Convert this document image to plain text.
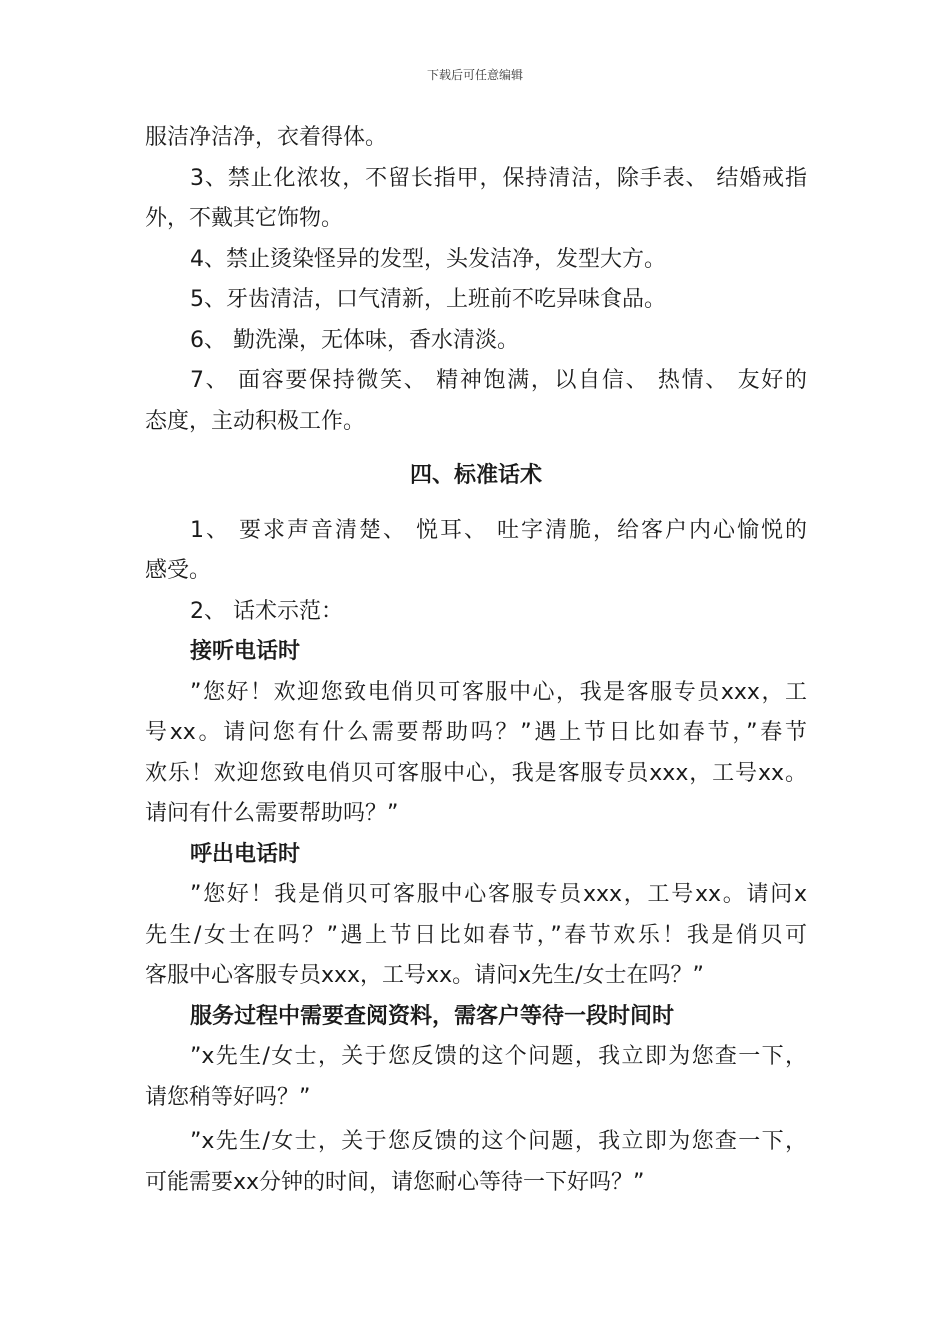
下载后可任意编辑
服洁净洁净，衣着得体。
3、禁止化浓妆，不留长指甲，保持清洁，除手表、 结婚戒指
外，不戴其它饰物。
4、禁止烫染怪异的发型，头发洁净，发型大方。
5、牙齿清洁，口气清新，上班前不吃异味食品。
6、 勤洗澡，无体味，香水清淡。
7、 面容要保持微笑、 精神饱满，以自信、 热情、 友好的
态度，主动积极工作。
四、标准话术
1、 要求声音清楚、 悦耳、 吐字清脆，给客户内心愉悦的
感受。
2、 话术示范：
接听电话时
”您好！欢迎您致电俏贝可客服中心，我是客服专员xxx，工
号xx。请问您有什么需要帮助吗？”遇上节日比如春节，”春节
欢乐！欢迎您致电俏贝可客服中心，我是客服专员xxx，工号xx。
请问有什么需要帮助吗？”
呼出电话时
”您好！我是俏贝可客服中心客服专员xxx，工号xx。请问x
先生/女士在吗？”遇上节日比如春节，”春节欢乐！我是俏贝可
客服中心客服专员xxx，工号xx。请问x先生/女士在吗？”
服务过程中需要查阅资料，需客户等待一段时间时
”x先生/女士，关于您反馈的这个问题，我立即为您查一下，
请您稍等好吗？”
”x先生/女士，关于您反馈的这个问题，我立即为您查一下，
可能需要xx分钟的时间，请您耐心等待一下好吗？”
